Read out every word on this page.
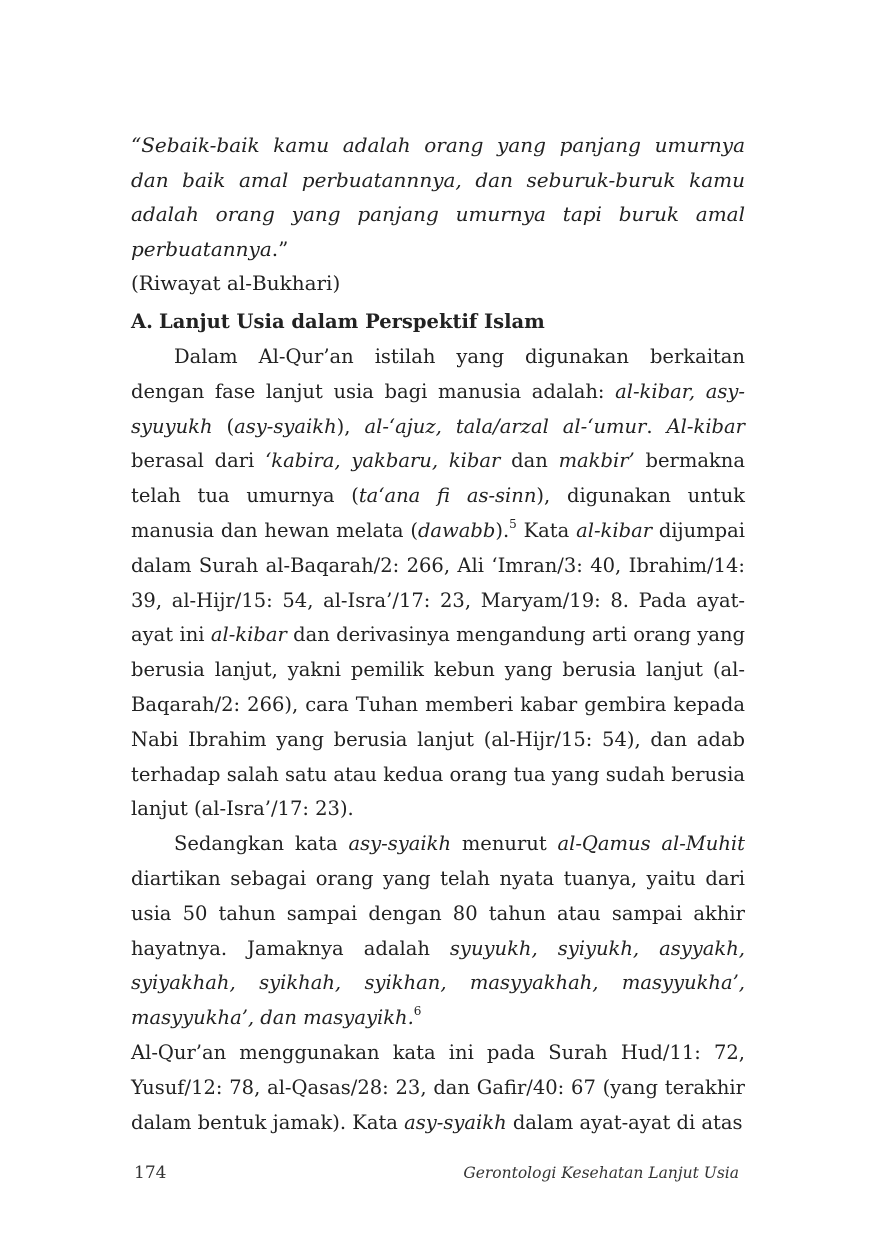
“Sebaik-baik kamu adalah orang yang panjang umurnya dan baik amal perbuatannnya, dan seburuk-buruk kamu adalah orang yang panjang umurnya tapi buruk amal perbuatannya.”
(Riwayat al-Bukhari)
A. Lanjut Usia dalam Perspektif Islam

Dalam Al-Qur’an istilah yang digunakan berkaitan dengan fase lanjut usia bagi manusia adalah: al-kibar, asy-syuyukh (asy-syaikh), al-‘ajuz, tala/arzal al-‘umur. Al-kibar berasal dari ‘kabira, yakbaru, kibar dan makbir’ bermakna telah tua umurnya (ta‘ana fi as-sinn), digunakan untuk manusia dan hewan melata (dawabb).$^5$ Kata al-kibar dijumpai dalam Surah al-Baqarah/2: 266, Ali ‘Imran/3: 40, Ibrahim/14: 39, al-Hijr/15: 54, al-Isra’/17: 23, Maryam/19: 8. Pada ayat-ayat ini al-kibar dan derivasinya mengandung arti orang yang berusia lanjut, yakni pemilik kebun yang berusia lanjut (al-Baqarah/2: 266), cara Tuhan memberi kabar gembira kepada Nabi Ibrahim yang berusia lanjut (al-Hijr/15: 54), dan adab terhadap salah satu atau kedua orang tua yang sudah berusia lanjut (al-Isra’/17: 23).

Sedangkan kata asy-syaikh menurut al-Qamus al-Muhit diartikan sebagai orang yang telah nyata tuanya, yaitu dari usia 50 tahun sampai dengan 80 tahun atau sampai akhir hayatnya. Jamaknya adalah syuyukh, syiyukh, asyyakh, syiyakhah, syikhah, syikhan, masyyakhah, masyyukha’, masyyukha’, dan masyayikh.$^6$

Al-Qur’an menggunakan kata ini pada Surah Hud/11: 72, Yusuf/12: 78, al-Qasas/28: 23, dan Gafir/40: 67 (yang terakhir dalam bentuk jamak). Kata asy-syaikh dalam ayat-ayat di atas

174	Gerontologi Kesehatan Lanjut Usia
